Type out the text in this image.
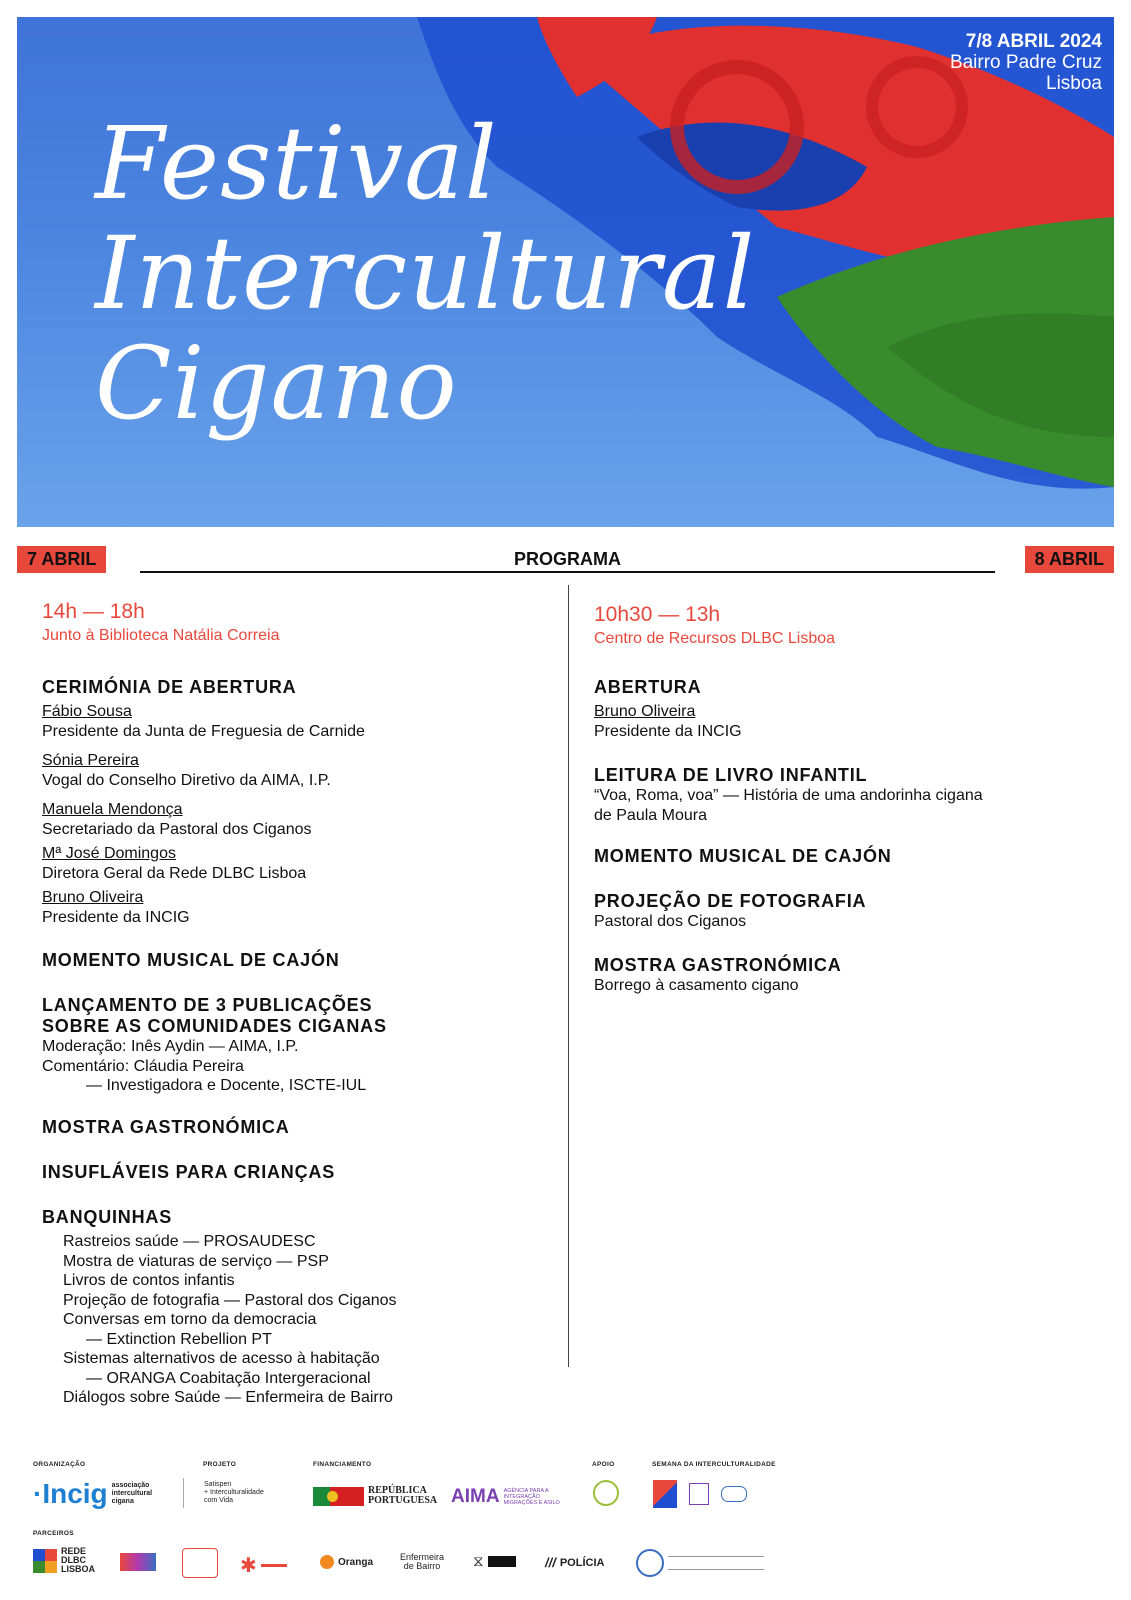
7/8 ABRIL 2024
Bairro Padre Cruz
Lisboa
Festival
Intercultural
Cigano
7 ABRIL	PROGRAMA	8 ABRIL
14h — 18h
Junto à Biblioteca Natália Correia
CERIMÓNIA DE ABERTURA
Fábio Sousa
Presidente da Junta de Freguesia de Carnide
Sónia Pereira
Vogal do Conselho Diretivo da AIMA, I.P.
Manuela Mendonça
Secretariado da Pastoral dos Ciganos
Mª José Domingos
Diretora Geral da Rede DLBC Lisboa
Bruno Oliveira
Presidente da INCIG
MOMENTO MUSICAL DE CAJÓN
LANÇAMENTO DE 3 PUBLICAÇÕES
SOBRE AS COMUNIDADES CIGANAS
Moderação: Inês Aydin — AIMA, I.P.
Comentário: Cláudia Pereira
— Investigadora e Docente, ISCTE-IUL
MOSTRA GASTRONÓMICA
INSUFLÁVEIS PARA CRIANÇAS
BANQUINHAS
Rastreios saúde — PROSAUDESC
Mostra de viaturas de serviço — PSP
Livros de contos infantis
Projeção de fotografia — Pastoral dos Ciganos
Conversas em torno da democracia
— Extinction Rebellion PT
Sistemas alternativos de acesso à habitação
— ORANGA Coabitação Intergeracional
Diálogos sobre Saúde — Enfermeira de Bairro
10h30 — 13h
Centro de Recursos DLBC Lisboa
ABERTURA
Bruno Oliveira
Presidente da INCIG
LEITURA DE LIVRO INFANTIL
“Voa, Roma, voa” — História de uma andorinha cigana
de Paula Moura
MOMENTO MUSICAL DE CAJÓN
PROJEÇÃO DE FOTOGRAFIA
Pastoral dos Ciganos
MOSTRA GASTRONÓMICA
Borrego à casamento cigano
ORGANIZAÇÃO	PROJETO	FINANCIAMENTO	APOIO	SEMANA DA INTERCULTURALIDADE
·Incig associação
intercultural
cigana
Satispen
+ Interculturalidade
com Vida
REPÚBLICA
PORTUGUESA AIMA AGÊNCIA PARA A
INTEGRAÇÃO
MIGRAÇÕES E ASILO
PARCEIROS
REDE
DLBC
LISBOA	✱	Oranga	Enfermeira
de Bairro ⧖	/// POLÍCIA
